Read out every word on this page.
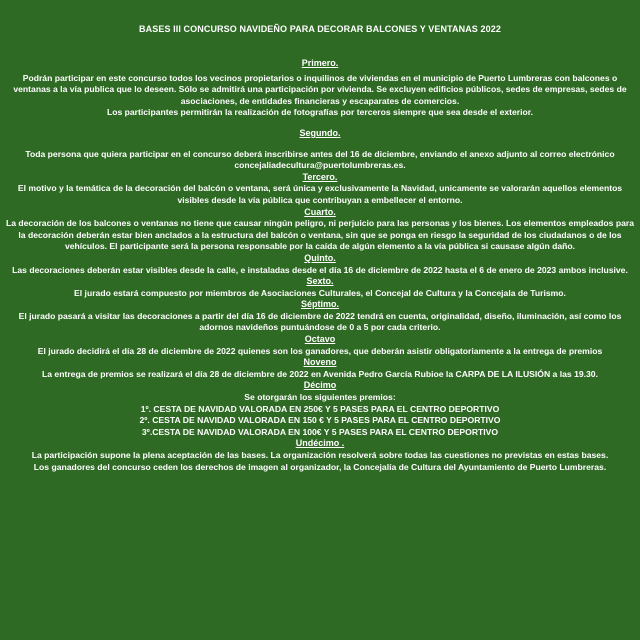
BASES III CONCURSO NAVIDEÑO PARA DECORAR BALCONES Y VENTANAS 2022

Primero.

Podrán participar en este concurso todos los vecinos propietarios o inquilinos de viviendas en el municipio de Puerto Lumbreras con balcones o ventanas a la vía publica que lo deseen. Sólo se admitirá una participación por vivienda. Se excluyen edificios públicos, sedes de empresas, sedes de asociaciones, de entidades financieras y escaparates de comercios.

Los participantes permitirán la realización de fotografías por terceros siempre que sea desde el exterior.

Segundo.

Toda persona que quiera participar en el concurso deberá inscribirse antes del 16 de diciembre, enviando el anexo adjunto al correo electrónico concejaliadecultura@puertolumbreras.es.

Tercero.

El motivo y la temática de la decoración del balcón o ventana, será única y exclusivamente la Navidad, unicamente se valorarán aquellos elementos visibles desde la vía pública que contribuyan a embellecer el entorno.

Cuarto.

La decoración de los balcones o ventanas no tiene que causar ningún peligro, ni perjuicio para las personas y los bienes. Los elementos empleados para la decoración deberán estar bien anclados a la estructura del balcón o ventana, sin que se ponga en riesgo la seguridad de los ciudadanos o de los vehículos. El participante será la persona responsable por la caída de algún elemento a la vía pública si causase algún daño.

Quinto.

Las decoraciones deberán estar visibles desde la calle, e instaladas desde el día 16 de diciembre de 2022 hasta el 6 de enero de 2023 ambos inclusive.

Sexto.

El jurado estará compuesto por miembros de Asociaciones Culturales, el Concejal de Cultura y la Concejala de Turismo.

Séptimo.

El jurado pasará a visitar las decoraciones a partir del día 16 de diciembre de 2022 tendrá en cuenta, originalidad, diseño, iluminación, así como los adornos navideños puntuándose de 0 a 5 por cada criterio.

Octavo

El jurado decidirá el día 28 de diciembre de 2022 quienes son los ganadores, que deberán asistir obligatoriamente a la entrega de premios

Noveno

La entrega de premios se realizará el día 28 de diciembre de 2022 en Avenida Pedro García Rubioe la CARPA DE LA ILUSIÓN a las 19.30.

Décimo

Se otorgarán los siguientes premios:

1º. CESTA DE NAVIDAD VALORADA EN 250€ Y 5 PASES PARA EL CENTRO DEPORTIVO

2º. CESTA DE NAVIDAD VALORADA EN 150 € Y 5 PASES PARA EL CENTRO DEPORTIVO

3º.CESTA DE NAVIDAD VALORADA EN 100€ Y 5 PASES PARA EL CENTRO DEPORTIVO

Undécimo .

La participación supone la plena aceptación de las bases. La organización resolverá sobre todas las cuestiones no previstas en estas bases.

Los ganadores del concurso ceden los derechos de imagen al organizador, la Concejalía de Cultura del Ayuntamiento de Puerto Lumbreras.
